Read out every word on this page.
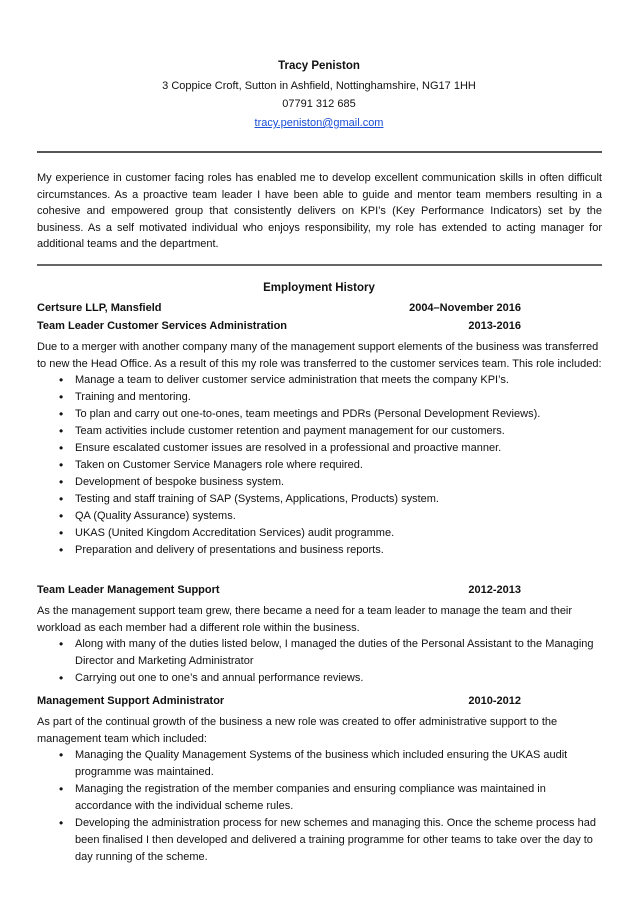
Tracy Peniston
3 Coppice Croft, Sutton in Ashfield, Nottinghamshire, NG17 1HH
07791 312 685
tracy.peniston@gmail.com
My experience in customer facing roles has enabled me to develop excellent communication skills in often difficult circumstances. As a proactive team leader I have been able to guide and mentor team members resulting in a cohesive and empowered group that consistently delivers on KPI’s (Key Performance Indicators) set by the business. As a self motivated individual who enjoys responsibility, my role has extended to acting manager for additional teams and the department.
Employment History
Certsure LLP, Mansfield	2004–November 2016
Team Leader Customer Services Administration	2013-2016
Due to a merger with another company many of the management support elements of the business was transferred to new the Head Office. As a result of this my role was transferred to the customer services team. This role included:
• Manage a team to deliver customer service administration that meets the company KPI’s.
• Training and mentoring.
• To plan and carry out one-to-ones, team meetings and PDRs (Personal Development Reviews).
• Team activities include customer retention and payment management for our customers.
• Ensure escalated customer issues are resolved in a professional and proactive manner.
• Taken on Customer Service Managers role where required.
• Development of bespoke business system.
• Testing and staff training of SAP (Systems, Applications, Products) system.
• QA (Quality Assurance) systems.
• UKAS (United Kingdom Accreditation Services) audit programme.
• Preparation and delivery of presentations and business reports.
Team Leader Management Support	2012-2013
As the management support team grew, there became a need for a team leader to manage the team and their workload as each member had a different role within the business.
• Along with many of the duties listed below, I managed the duties of the Personal Assistant to the Managing Director and Marketing Administrator
• Carrying out one to one’s and annual performance reviews.
Management Support Administrator	2010-2012
As part of the continual growth of the business a new role was created to offer administrative support to the management team which included:
• Managing the Quality Management Systems of the business which included ensuring the UKAS audit programme was maintained.
• Managing the registration of the member companies and ensuring compliance was maintained in accordance with the individual scheme rules.
• Developing the administration process for new schemes and managing this. Once the scheme process had been finalised I then developed and delivered a training programme for other teams to take over the day to day running of the scheme.
